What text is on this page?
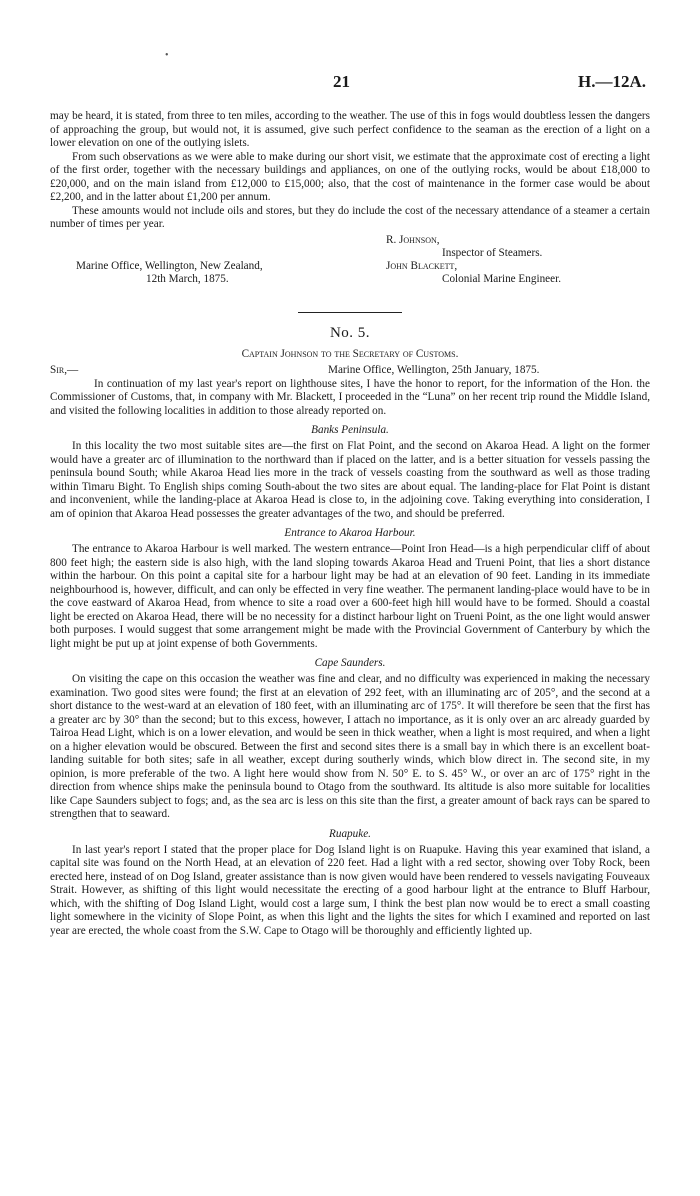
•
21	H.—12A.

may be heard, it is stated, from three to ten miles, according to the weather. The use of this in fogs would doubtless lessen the dangers of approaching the group, but would not, it is assumed, give such perfect confidence to the seaman as the erection of a light on a lower elevation on one of the outlying islets.

From such observations as we were able to make during our short visit, we estimate that the approximate cost of erecting a light of the first order, together with the necessary buildings and appliances, on one of the outlying rocks, would be about £18,000 to £20,000, and on the main island from £12,000 to £15,000; also, that the cost of maintenance in the former case would be about £2,200, and in the latter about £1,200 per annum.

These amounts would not include oils and stores, but they do include the cost of the necessary attendance of a steamer a certain number of times per year.

R. Johnson,
Inspector of Steamers.
Marine Office, Wellington, New Zealand,
12th March, 1875.
John Blackett,
Colonial Marine Engineer.
No. 5.
Captain Johnson to the Secretary of Customs.
Sir,—	Marine Office, Wellington, 25th January, 1875.

In continuation of my last year's report on lighthouse sites, I have the honor to report, for the information of the Hon. the Commissioner of Customs, that, in company with Mr. Blackett, I proceeded in the “Luna” on her recent trip round the Middle Island, and visited the following localities in addition to those already reported on.

Banks Peninsula.

In this locality the two most suitable sites are—the first on Flat Point, and the second on Akaroa Head. A light on the former would have a greater arc of illumination to the northward than if placed on the latter, and is a better situation for vessels passing the peninsula bound South; while Akaroa Head lies more in the track of vessels coasting from the southward as well as those trading within Timaru Bight. To English ships coming South-about the two sites are about equal. The landing-place for Flat Point is distant and inconvenient, while the landing-place at Akaroa Head is close to, in the adjoining cove. Taking everything into consideration, I am of opinion that Akaroa Head possesses the greater advantages of the two, and should be preferred.

Entrance to Akaroa Harbour.

The entrance to Akaroa Harbour is well marked. The western entrance—Point Iron Head—is a high perpendicular cliff of about 800 feet high; the eastern side is also high, with the land sloping towards Akaroa Head and Trueni Point, that lies a short distance within the harbour. On this point a capital site for a harbour light may be had at an elevation of 90 feet. Landing in its immediate neighbourhood is, however, difficult, and can only be effected in very fine weather. The permanent landing-place would have to be in the cove eastward of Akaroa Head, from whence to site a road over a 600-feet high hill would have to be formed. Should a coastal light be erected on Akaroa Head, there will be no necessity for a distinct harbour light on Trueni Point, as the one light would answer both purposes. I would suggest that some arrangement might be made with the Provincial Government of Canterbury by which the light might be put up at joint expense of both Governments.

Cape Saunders.

On visiting the cape on this occasion the weather was fine and clear, and no difficulty was experienced in making the necessary examination. Two good sites were found; the first at an elevation of 292 feet, with an illuminating arc of 205°, and the second at a short distance to the west-ward at an elevation of 180 feet, with an illuminating arc of 175°. It will therefore be seen that the first has a greater arc by 30° than the second; but to this excess, however, I attach no importance, as it is only over an arc already guarded by Tairoa Head Light, which is on a lower elevation, and would be seen in thick weather, when a light is most required, and when a light on a higher elevation would be obscured. Between the first and second sites there is a small bay in which there is an excellent boat-landing suitable for both sites; safe in all weather, except during southerly winds, which blow direct in. The second site, in my opinion, is more preferable of the two. A light here would show from N. 50° E. to S. 45° W., or over an arc of 175° right in the direction from whence ships make the peninsula bound to Otago from the southward. Its altitude is also more suitable for localities like Cape Saunders subject to fogs; and, as the sea arc is less on this site than the first, a greater amount of back rays can be spared to strengthen that to seaward.

Ruapuke.

In last year's report I stated that the proper place for Dog Island light is on Ruapuke. Having this year examined that island, a capital site was found on the North Head, at an elevation of 220 feet. Had a light with a red sector, showing over Toby Rock, been erected here, instead of on Dog Island, greater assistance than is now given would have been rendered to vessels navigating Fouveaux Strait. However, as shifting of this light would necessitate the erecting of a good harbour light at the entrance to Bluff Harbour, which, with the shifting of Dog Island Light, would cost a large sum, I think the best plan now would be to erect a small coasting light somewhere in the vicinity of Slope Point, as when this light and the lights the sites for which I examined and reported on last year are erected, the whole coast from the S.W. Cape to Otago will be thoroughly and efficiently lighted up.
